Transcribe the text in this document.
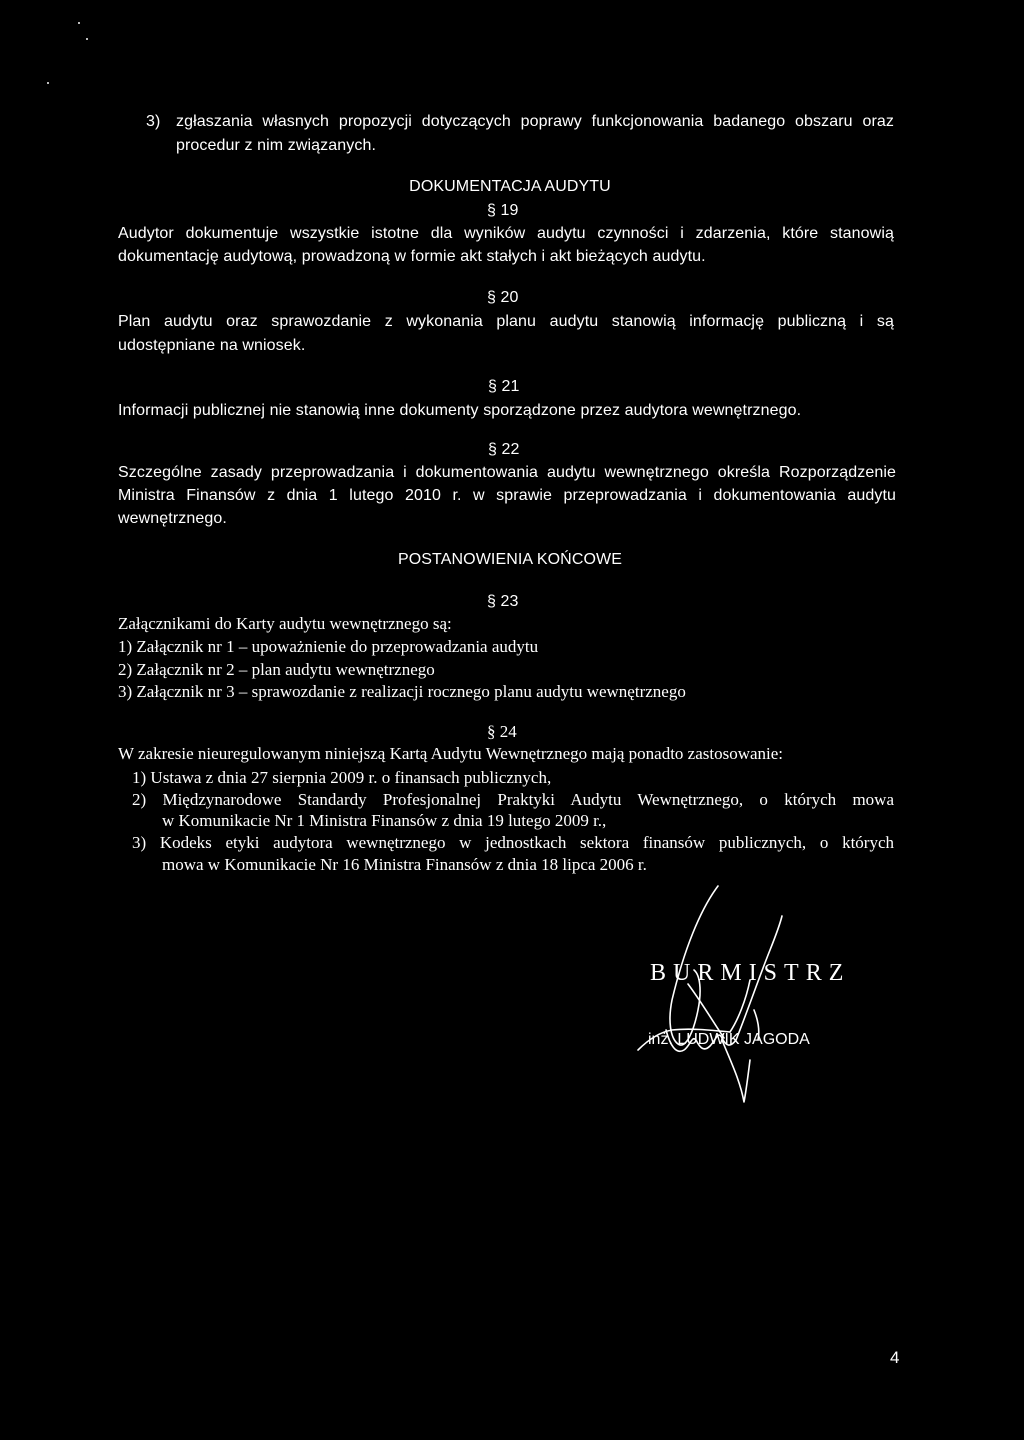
3) zgłaszania własnych propozycji dotyczących poprawy funkcjonowania badanego obszaru oraz
procedur z nim związanych.
DOKUMENTACJA AUDYTU
§ 19
Audytor dokumentuje wszystkie istotne dla wyników audytu czynności i zdarzenia, które stanowią
dokumentację audytową, prowadzoną w formie akt stałych i akt bieżących audytu.
§ 20
Plan audytu oraz sprawozdanie z wykonania planu audytu stanowią informację publiczną i są
udostępniane na wniosek.
§ 21
Informacji publicznej nie stanowią inne dokumenty sporządzone przez audytora wewnętrznego.
§ 22
Szczególne zasady przeprowadzania i dokumentowania audytu wewnętrznego określa Rozporządzenie
Ministra Finansów z dnia 1 lutego 2010 r. w sprawie przeprowadzania i dokumentowania audytu
wewnętrznego.
POSTANOWIENIA KOŃCOWE
§ 23
Załącznikami do Karty audytu wewnętrznego są:
1) Załącznik nr 1 – upoważnienie do przeprowadzania audytu
2) Załącznik nr 2 – plan audytu wewnętrznego
3) Załącznik nr 3 – sprawozdanie z realizacji rocznego planu audytu wewnętrznego
§ 24
W zakresie nieuregulowanym niniejszą Kartą Audytu Wewnętrznego mają ponadto zastosowanie:
1) Ustawa z dnia 27 sierpnia 2009 r. o finansach publicznych,
2) Międzynarodowe Standardy Profesjonalnej Praktyki Audytu Wewnętrznego, o których mowa
w Komunikacie Nr 1 Ministra Finansów z dnia 19 lutego 2009 r.,
3) Kodeks etyki audytora wewnętrznego w jednostkach sektora finansów publicznych, o których
mowa w Komunikacie Nr 16 Ministra Finansów z dnia 18 lipca 2006 r.
BURMISTRZ
inż. LUDWIK JAGODA
4
